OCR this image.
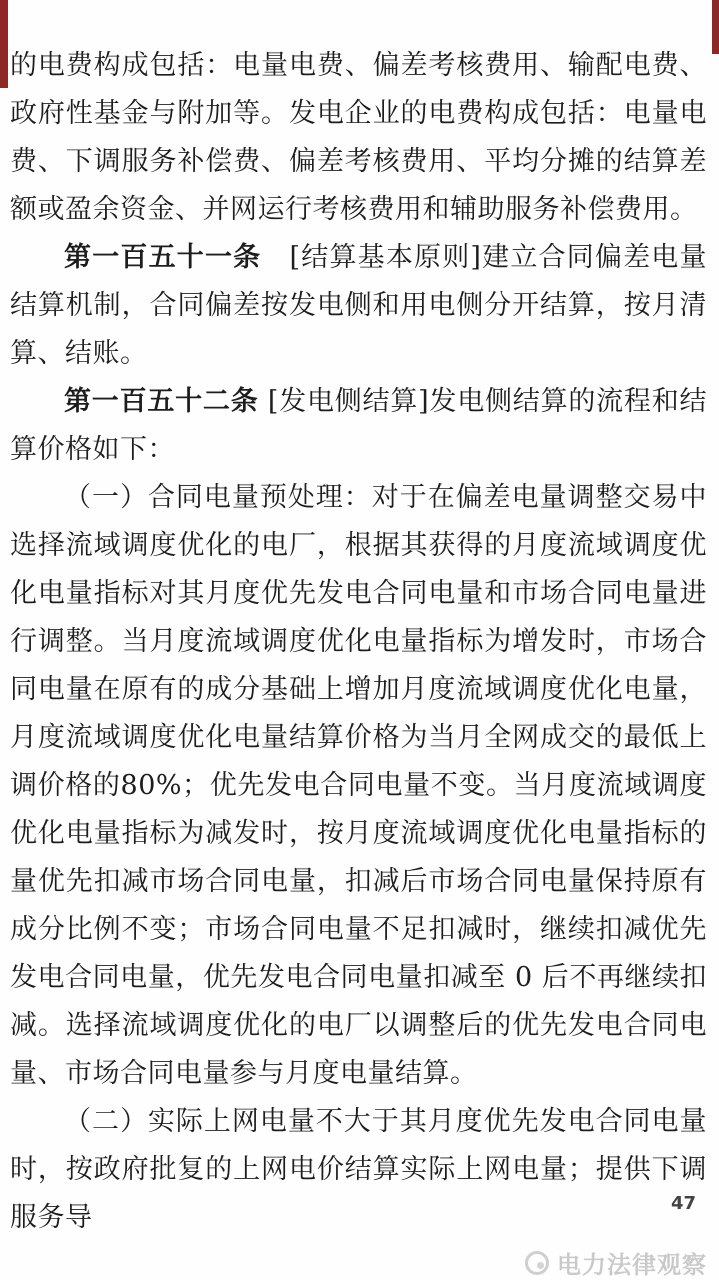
的电费构成包括：电量电费、偏差考核费用、输配电费、政府性基金与附加等。发电企业的电费构成包括：电量电费、下调服务补偿费、偏差考核费用、平均分摊的结算差额或盈余资金、并网运行考核费用和辅助服务补偿费用。

第一百五十一条　[结算基本原则]建立合同偏差电量结算机制，合同偏差按发电侧和用电侧分开结算，按月清算、结账。

第一百五十二条 [发电侧结算]发电侧结算的流程和结算价格如下：

（一）合同电量预处理：对于在偏差电量调整交易中选择流域调度优化的电厂，根据其获得的月度流域调度优化电量指标对其月度优先发电合同电量和市场合同电量进行调整。当月度流域调度优化电量指标为增发时，市场合同电量在原有的成分基础上增加月度流域调度优化电量，月度流域调度优化电量结算价格为当月全网成交的最低上调价格的80%；优先发电合同电量不变。当月度流域调度优化电量指标为减发时，按月度流域调度优化电量指标的量优先扣减市场合同电量，扣减后市场合同电量保持原有成分比例不变；市场合同电量不足扣减时，继续扣减优先发电合同电量，优先发电合同电量扣减至 0 后不再继续扣减。选择流域调度优化的电厂以调整后的优先发电合同电量、市场合同电量参与月度电量结算。

（二）实际上网电量不大于其月度优先发电合同电量时，按政府批复的上网电价结算实际上网电量；提供下调服务导	47
电力法律观察
